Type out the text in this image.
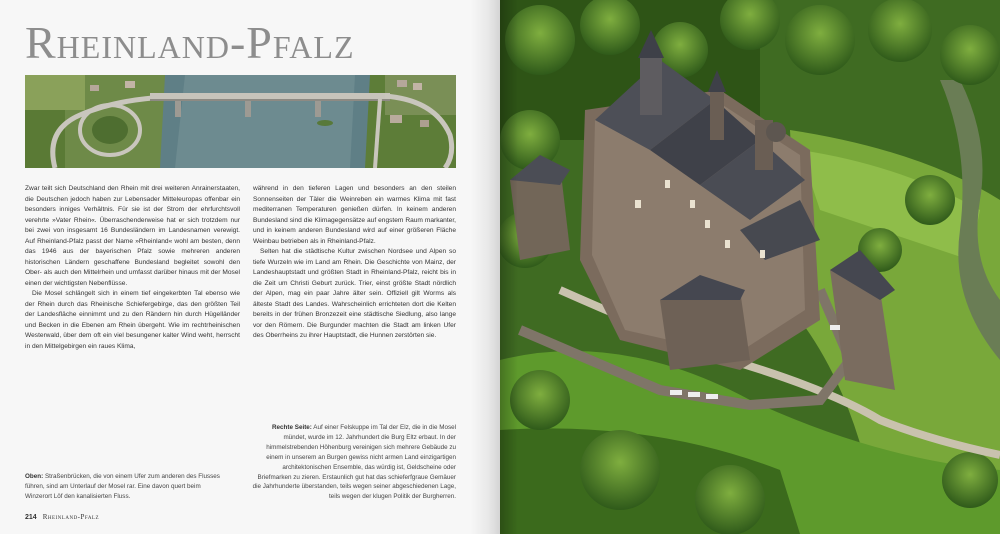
Rheinland-Pfalz

Zwar teilt sich Deutschland den Rhein mit drei weiteren Anrainerstaaten, die Deutschen jedoch haben zur Lebensader Mitteleuropas offenbar ein besonders inniges Verhältnis. Für sie ist der Strom der ehrfurchtsvoll verehrte »Vater Rhein«. Überraschenderweise hat er sich trotzdem nur bei zwei von insgesamt 16 Bundesländern im Landesnamen verewigt. Auf Rheinland-Pfalz passt der Name »Rheinland« wohl am besten, denn das 1946 aus der bayerischen Pfalz sowie mehreren anderen historischen Ländern geschaffene Bundesland begleitet sowohl den Ober- als auch den Mittelrhein und umfasst darüber hinaus mit der Mosel einen der wichtigsten Nebenflüsse.

Die Mosel schlängelt sich in einem tief eingekerbten Tal ebenso wie der Rhein durch das Rheinische Schiefergebirge, das den größten Teil der Landesfläche einnimmt und zu den Rändern hin durch Hügelländer und Becken in die Ebenen am Rhein übergeht. Wie im rechtrheinischen Westerwald, über dem oft ein viel besungener kalter Wind weht, herrscht in den Mittelgebirgen ein raues Klima,

während in den tieferen Lagen und besonders an den steilen Sonnenseiten der Täler die Weinreben ein warmes Klima mit fast mediterranen Temperaturen genießen dürfen. In keinem anderen Bundesland sind die Klimagegensätze auf engstem Raum markanter, und in keinem anderen Bundesland wird auf einer größeren Fläche Weinbau betrieben als in Rheinland-Pfalz.

Selten hat die städtische Kultur zwischen Nordsee und Alpen so tiefe Wurzeln wie im Land am Rhein. Die Geschichte von Mainz, der Landeshauptstadt und größten Stadt in Rheinland-Pfalz, reicht bis in die Zeit um Christi Geburt zurück. Trier, einst größte Stadt nördlich der Alpen, mag ein paar Jahre älter sein. Offiziell gilt Worms als älteste Stadt des Landes. Wahrscheinlich errichteten dort die Kelten bereits in der frühen Bronzezeit eine städtische Siedlung, also lange vor den Römern. Die Burgunder machten die Stadt am linken Ufer des Oberrheins zu ihrer Hauptstadt, die Hunnen zerstörten sie.

Rechte Seite: Auf einer Felskuppe im Tal der Elz, die in die Mosel mündet, wurde im 12. Jahrhundert die Burg Eltz erbaut. In der himmelstrebenden Höhenburg vereinigen sich mehrere Gebäude zu einem in unserem an Burgen gewiss nicht armen Land einzigartigen architektonischen Ensemble, das würdig ist, Geldscheine oder Briefmarken zu zieren. Erstaunlich gut hat das schieferfgraue Gemäuer die Jahrhunderte überstanden, teils wegen seiner abgeschiedenen Lage, teils wegen der klugen Politik der Burgherren.
Oben: Straßenbrücken, die von einem Ufer zum anderen des Flusses führen, sind am Unterlauf der Mosel rar. Eine davon quert beim Winzerort Löf den kanalisierten Fluss.
214 Rheinland-Pfalz
